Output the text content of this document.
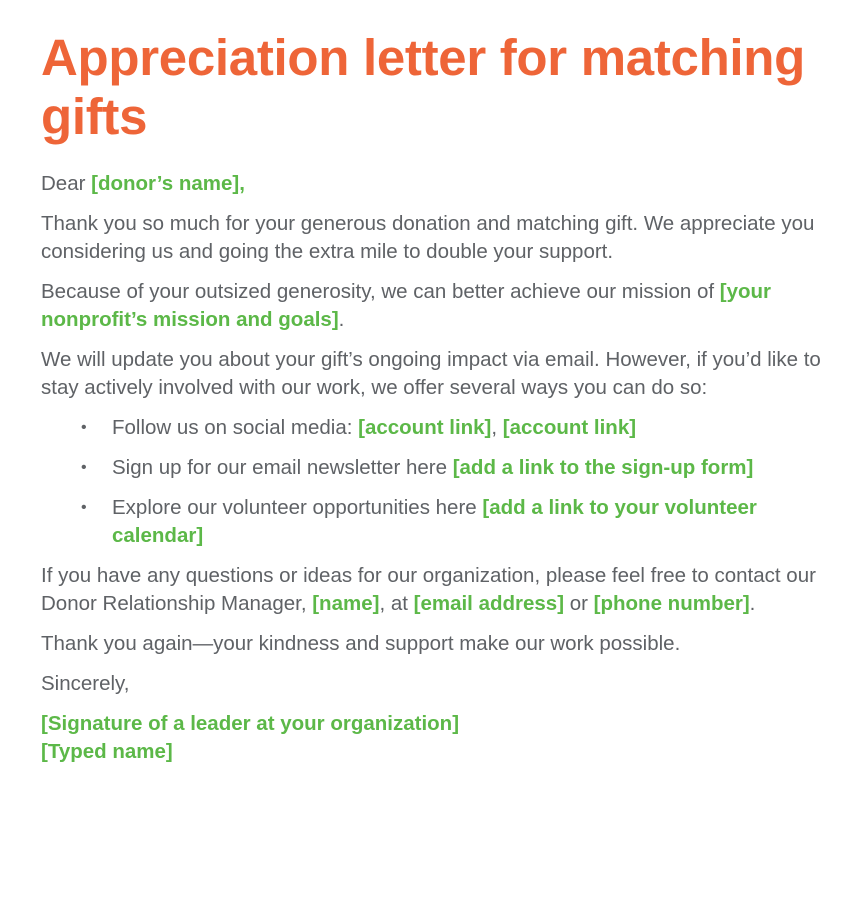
Appreciation letter for matching gifts

Dear [donor’s name],

Thank you so much for your generous donation and matching gift. We appreciate you considering us and going the extra mile to double your support.

Because of your outsized generosity, we can better achieve our mission of [your nonprofit’s mission and goals].

We will update you about your gift’s ongoing impact via email. However, if you’d like to stay actively involved with our work, we offer several ways you can do so:

• Follow us on social media: [account link], [account link]
• Sign up for our email newsletter here [add a link to the sign-up form]
• Explore our volunteer opportunities here [add a link to your volunteer calendar]

If you have any questions or ideas for our organization, please feel free to contact our Donor Relationship Manager, [name], at [email address] or [phone number].

Thank you again—your kindness and support make our work possible.

Sincerely,

[Signature of a leader at your organization]

[Typed name]
